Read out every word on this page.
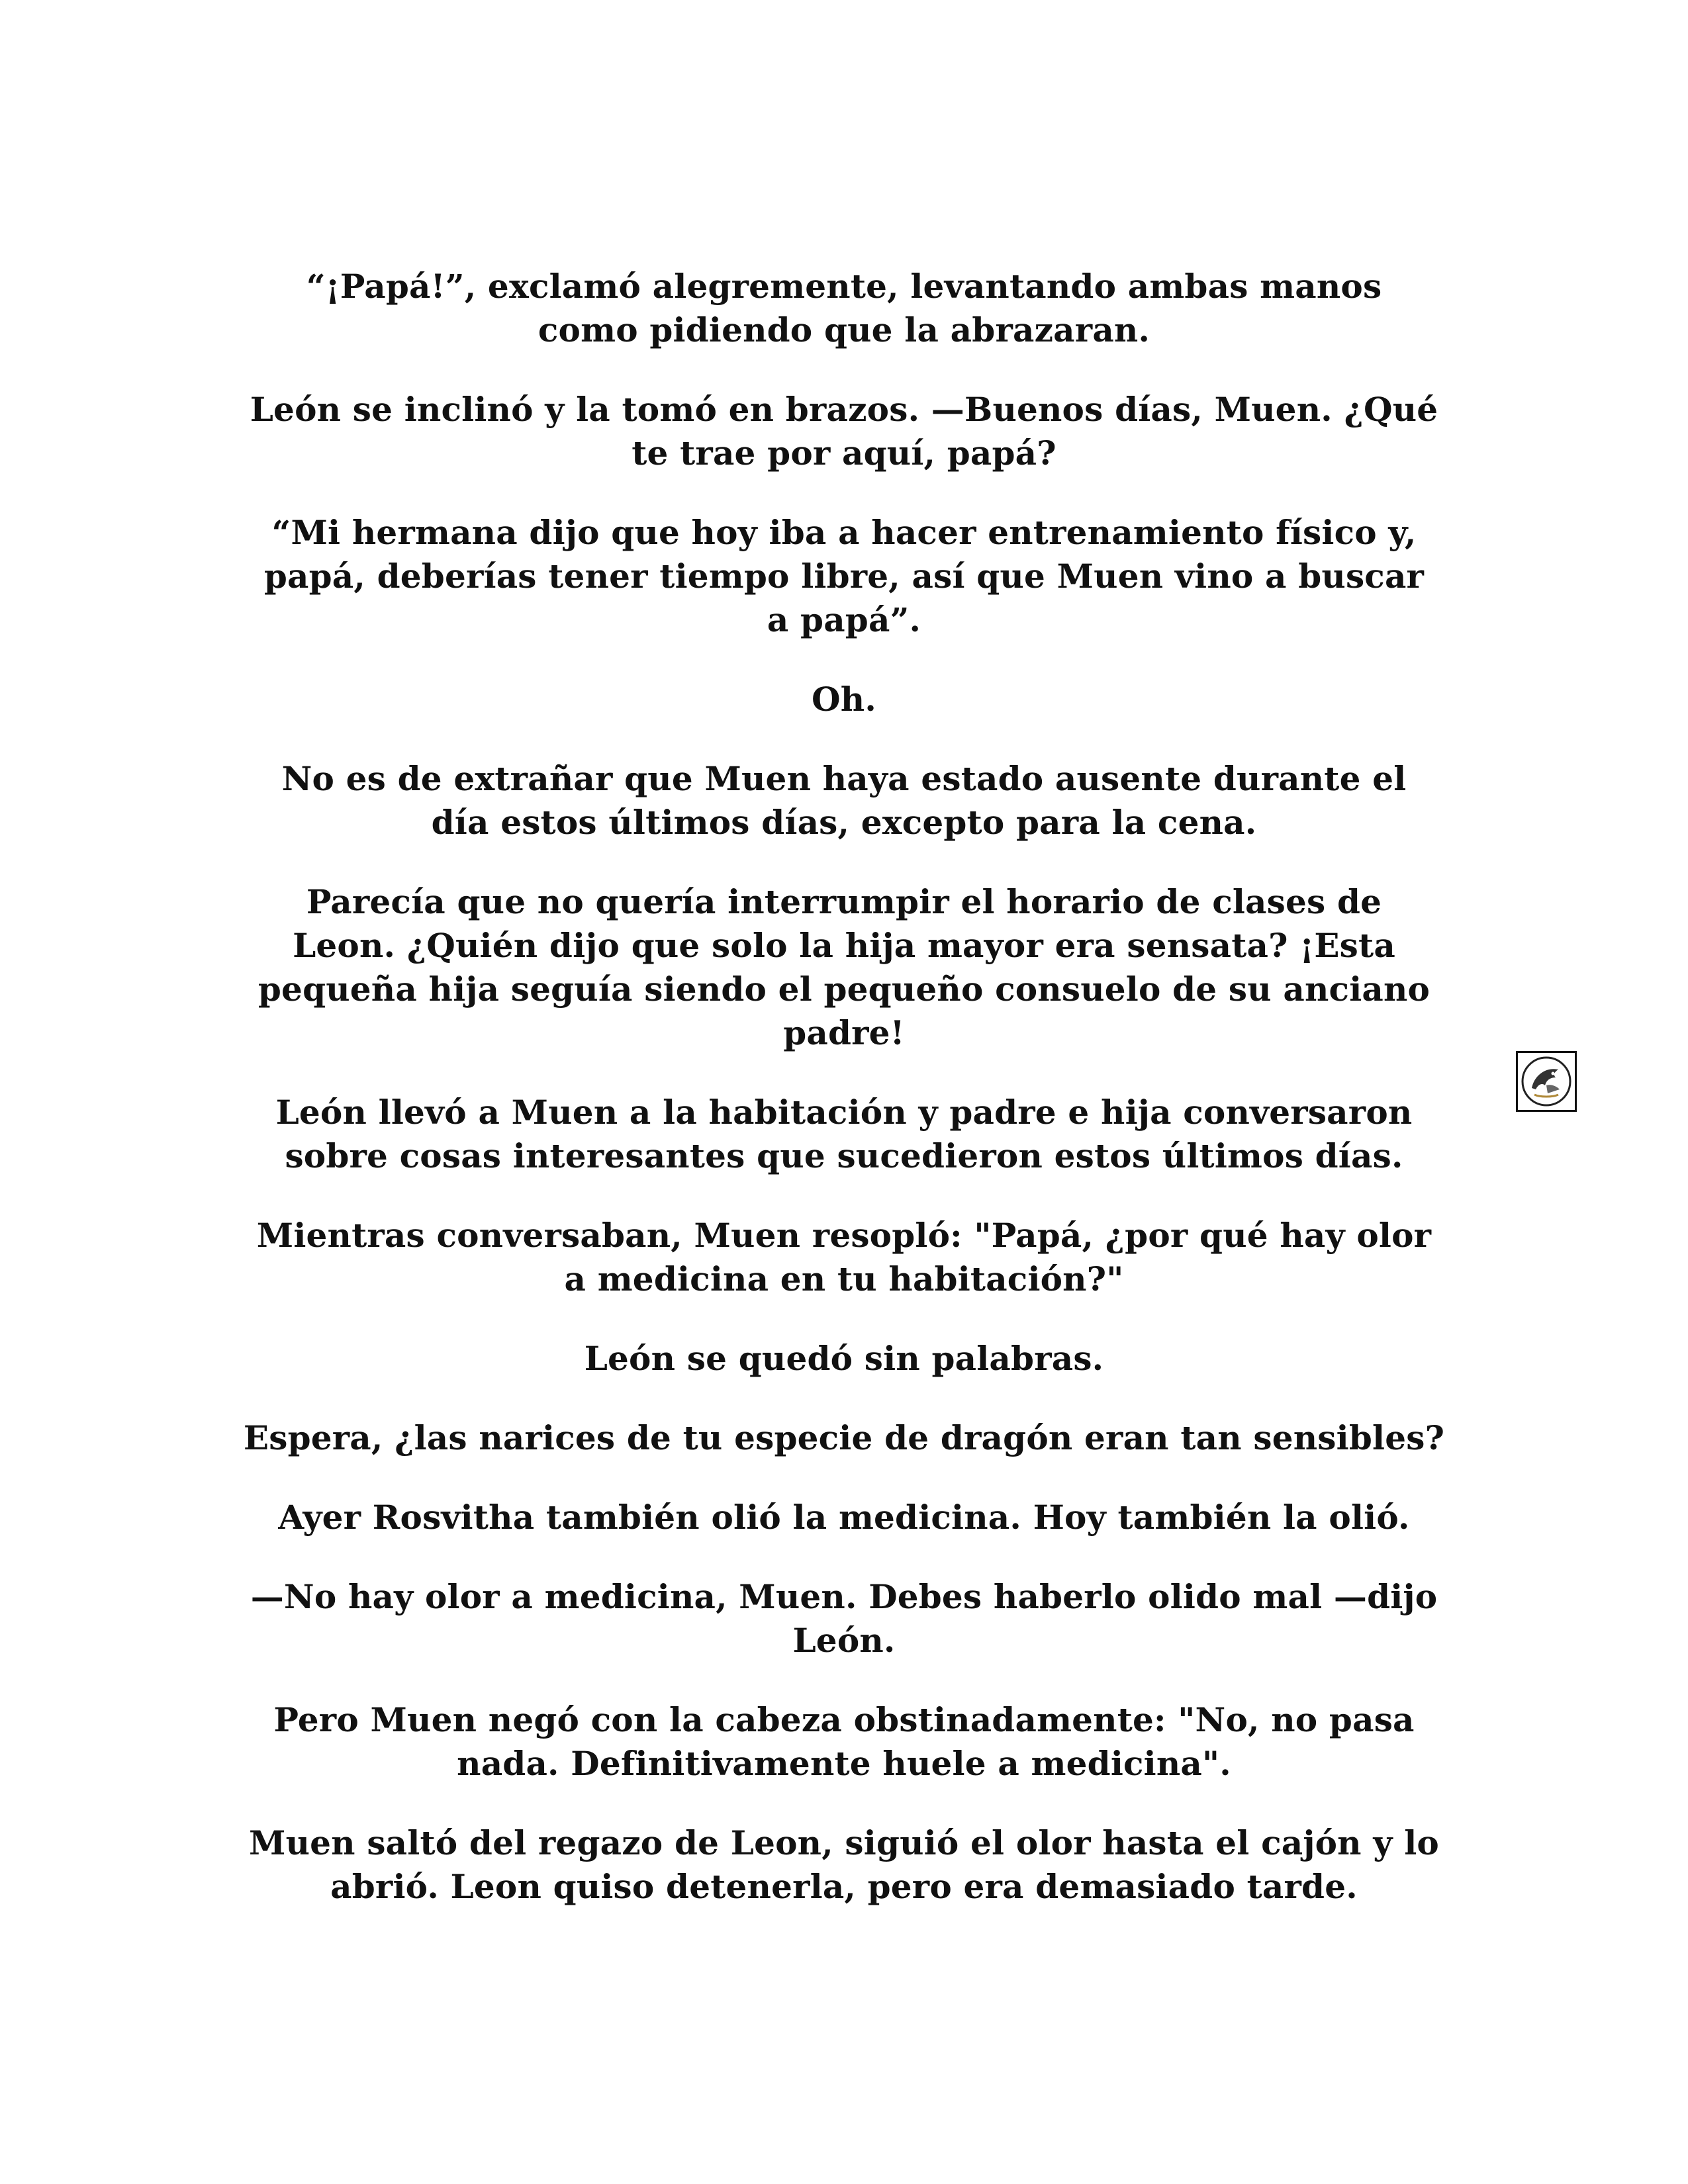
“¡Papá!”, exclamó alegremente, levantando ambas manos
como pidiendo que la abrazaran.

León se inclinó y la tomó en brazos. —Buenos días, Muen. ¿Qué
te trae por aquí, papá?

“Mi hermana dijo que hoy iba a hacer entrenamiento físico y,
papá, deberías tener tiempo libre, así que Muen vino a buscar
a papá”.

Oh.

No es de extrañar que Muen haya estado ausente durante el
día estos últimos días, excepto para la cena.

Parecía que no quería interrumpir el horario de clases de
Leon. ¿Quién dijo que solo la hija mayor era sensata? ¡Esta
pequeña hija seguía siendo el pequeño consuelo de su anciano
padre!

León llevó a Muen a la habitación y padre e hija conversaron
sobre cosas interesantes que sucedieron estos últimos días.

Mientras conversaban, Muen resopló: "Papá, ¿por qué hay olor
a medicina en tu habitación?"

León se quedó sin palabras.

Espera, ¿las narices de tu especie de dragón eran tan sensibles?

Ayer Rosvitha también olió la medicina. Hoy también la olió.

—No hay olor a medicina, Muen. Debes haberlo olido mal —dijo
León.

Pero Muen negó con la cabeza obstinadamente: "No, no pasa
nada. Definitivamente huele a medicina".

Muen saltó del regazo de Leon, siguió el olor hasta el cajón y lo
abrió. Leon quiso detenerla, pero era demasiado tarde.
